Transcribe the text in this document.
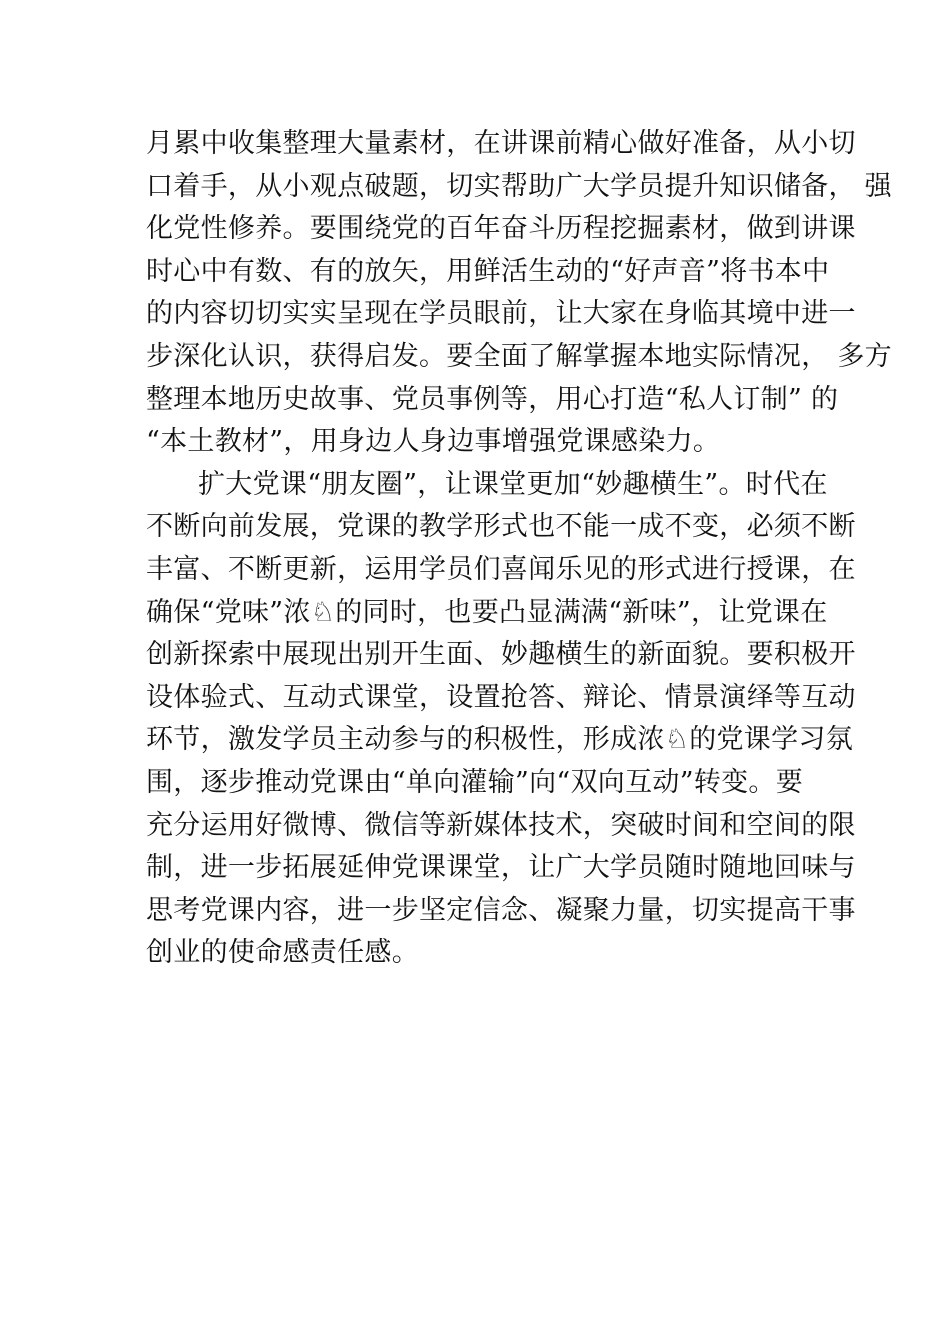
月累中收集整理大量素材，在讲课前精心做好准备，从小切
口着手，从小观点破题，切实帮助广大学员提升知识储备， 强
化党性修养。要围绕党的百年奋斗历程挖掘素材，做到讲课
时心中有数、有的放矢，用鲜活生动的“好声音”将书本中
的内容切切实实呈现在学员眼前，让大家在身临其境中进一
步深化认识，获得启发。要全面了解掌握本地实际情况， 多方
整理本地历史故事、党员事例等，用心打造“私人订制” 的
“本土教材”，用身边人身边事增强党课感染力。
扩大党课“朋友圈”，让课堂更加“妙趣横生”。时代在
不断向前发展，党课的教学形式也不能一成不变，必须不断
丰富、不断更新，运用学员们喜闻乐见的形式进行授课，在
确保“党味”浓♘的同时，也要凸显满满“新味”，让党课在
创新探索中展现出别开生面、妙趣横生的新面貌。要积极开
设体验式、互动式课堂，设置抢答、辩论、情景演绎等互动
环节，激发学员主动参与的积极性，形成浓♘的党课学习氛
围，逐步推动党课由“单向灌输”向“双向互动”转变。要
充分运用好微博、微信等新媒体技术，突破时间和空间的限
制，进一步拓展延伸党课课堂，让广大学员随时随地回味与
思考党课内容，进一步坚定信念、凝聚力量，切实提高干事
创业的使命感责任感。
